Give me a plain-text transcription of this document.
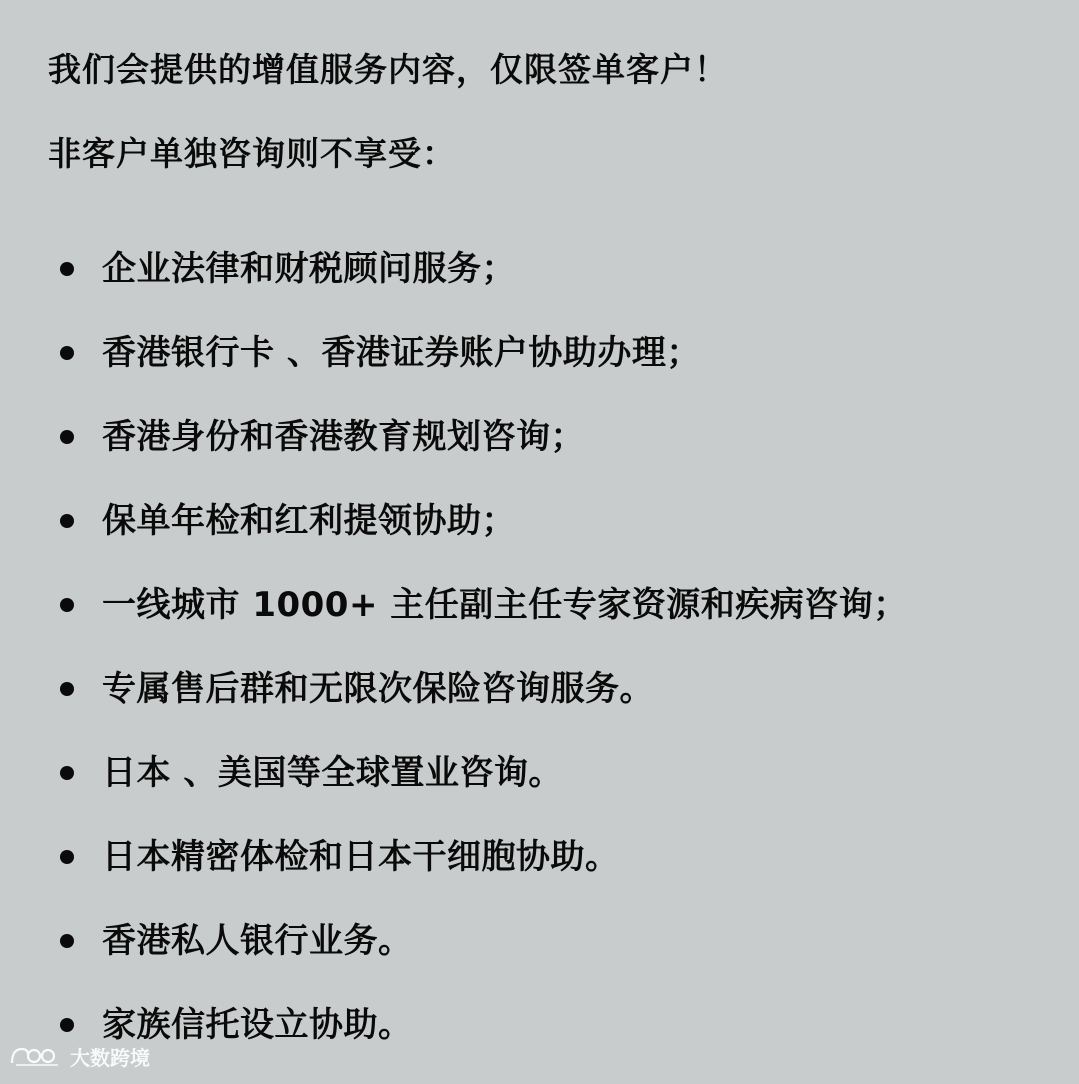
我们会提供的增值服务内容，仅限签单客户！
非客户单独咨询则不享受：
企业法律和财税顾问服务；
香港银行卡 、香港证券账户协助办理；
香港身份和香港教育规划咨询；
保单年检和红利提领协助；
一线城市 1000+ 主任副主任专家资源和疾病咨询；
专属售后群和无限次保险咨询服务。
日本 、美国等全球置业咨询。
日本精密体检和日本干细胞协助。
香港私人银行业务。
家族信托设立协助。
大数跨境
